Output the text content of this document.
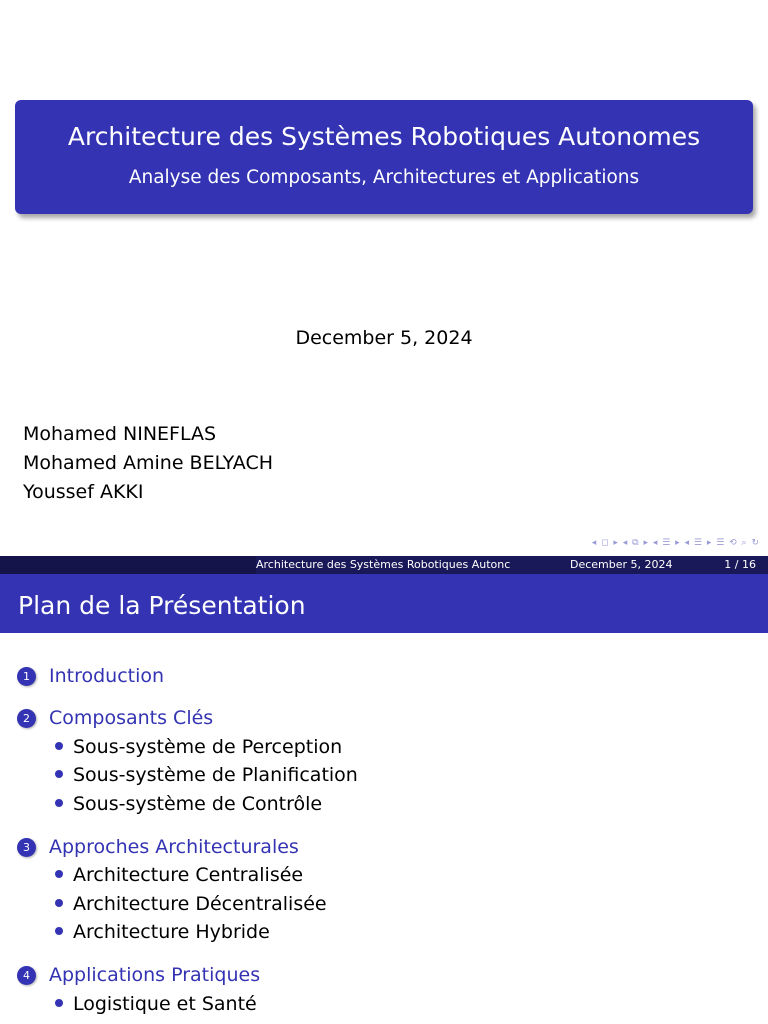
Architecture des Systèmes Robotiques Autonomes
Analyse des Composants, Architectures et Applications
December 5, 2024
Mohamed NINEFLAS
Mohamed Amine BELYACH
Youssef AKKI
◂ ◻ ▸ ◂ ⧉ ▸ ◂ ☰ ▸ ◂ ☰ ▸ ☰ ⟲ ⌕ ↻
Architecture des Systèmes Robotiques Autonc	December 5, 2024	1 / 16
Plan de la Présentation
1 Introduction
2 Composants Clés
Sous-système de Perception
Sous-système de Planification
Sous-système de Contrôle
3 Approches Architecturales
Architecture Centralisée
Architecture Décentralisée
Architecture Hybride
4 Applications Pratiques
Logistique et Santé
